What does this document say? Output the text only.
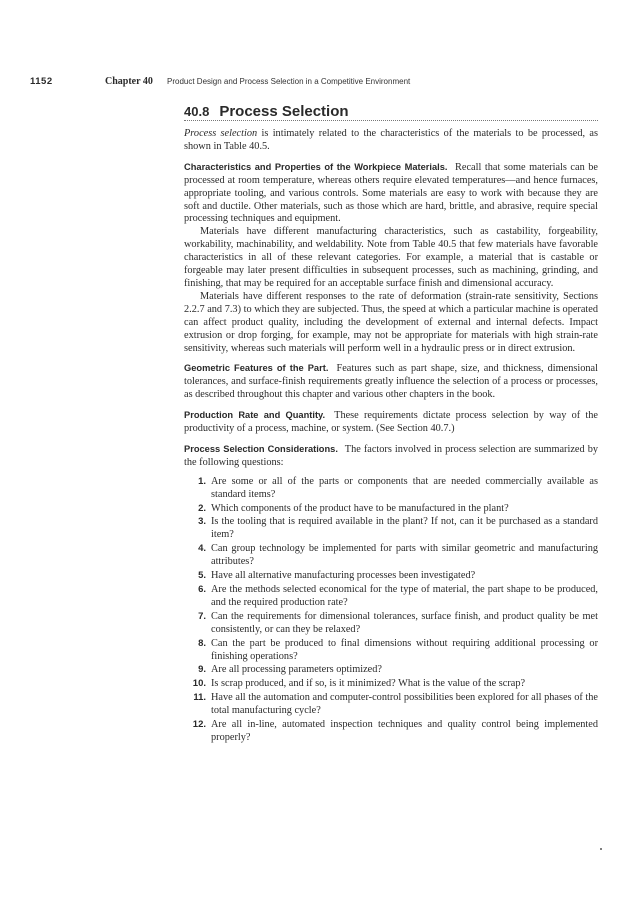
1152	Chapter 40 Product Design and Process Selection in a Competitive Environment
40.8 Process Selection

Process selection is intimately related to the characteristics of the materials to be processed, as shown in Table 40.5.

Characteristics and Properties of the Workpiece Materials. Recall that some materials can be processed at room temperature, whereas others require elevated temperatures—and hence furnaces, appropriate tooling, and various controls. Some materials are easy to work with because they are soft and ductile. Other materials, such as those which are hard, brittle, and abrasive, require special processing techniques and equipment.

Materials have different manufacturing characteristics, such as castability, forgeability, workability, machinability, and weldability. Note from Table 40.5 that few materials have favorable characteristics in all of these relevant categories. For example, a material that is castable or forgeable may later present difficulties in subsequent processes, such as machining, grinding, and finishing, that may be required for an acceptable surface finish and dimensional accuracy.

Materials have different responses to the rate of deformation (strain-rate sensitivity, Sections 2.2.7 and 7.3) to which they are subjected. Thus, the speed at which a particular machine is operated can affect product quality, including the development of external and internal defects. Impact extrusion or drop forging, for example, may not be appropriate for materials with high strain-rate sensitivity, whereas such materials will perform well in a hydraulic press or in direct extrusion.

Geometric Features of the Part. Features such as part shape, size, and thickness, dimensional tolerances, and surface-finish requirements greatly influence the selection of a process or processes, as described throughout this chapter and various other chapters in the book.

Production Rate and Quantity. These requirements dictate process selection by way of the productivity of a process, machine, or system. (See Section 40.7.)

Process Selection Considerations. The factors involved in process selection are summarized by the following questions:

1. Are some or all of the parts or components that are needed commercially available as standard items?
2. Which components of the product have to be manufactured in the plant?
3. Is the tooling that is required available in the plant? If not, can it be purchased as a standard item?
4. Can group technology be implemented for parts with similar geometric and manufacturing attributes?
5. Have all alternative manufacturing processes been investigated?
6. Are the methods selected economical for the type of material, the part shape to be produced, and the required production rate?
7. Can the requirements for dimensional tolerances, surface finish, and product quality be met consistently, or can they be relaxed?
8. Can the part be produced to final dimensions without requiring additional processing or finishing operations?
9. Are all processing parameters optimized?
10. Is scrap produced, and if so, is it minimized? What is the value of the scrap?
11. Have all the automation and computer-control possibilities been explored for all phases of the total manufacturing cycle?
12. Are all in-line, automated inspection techniques and quality control being implemented properly?
